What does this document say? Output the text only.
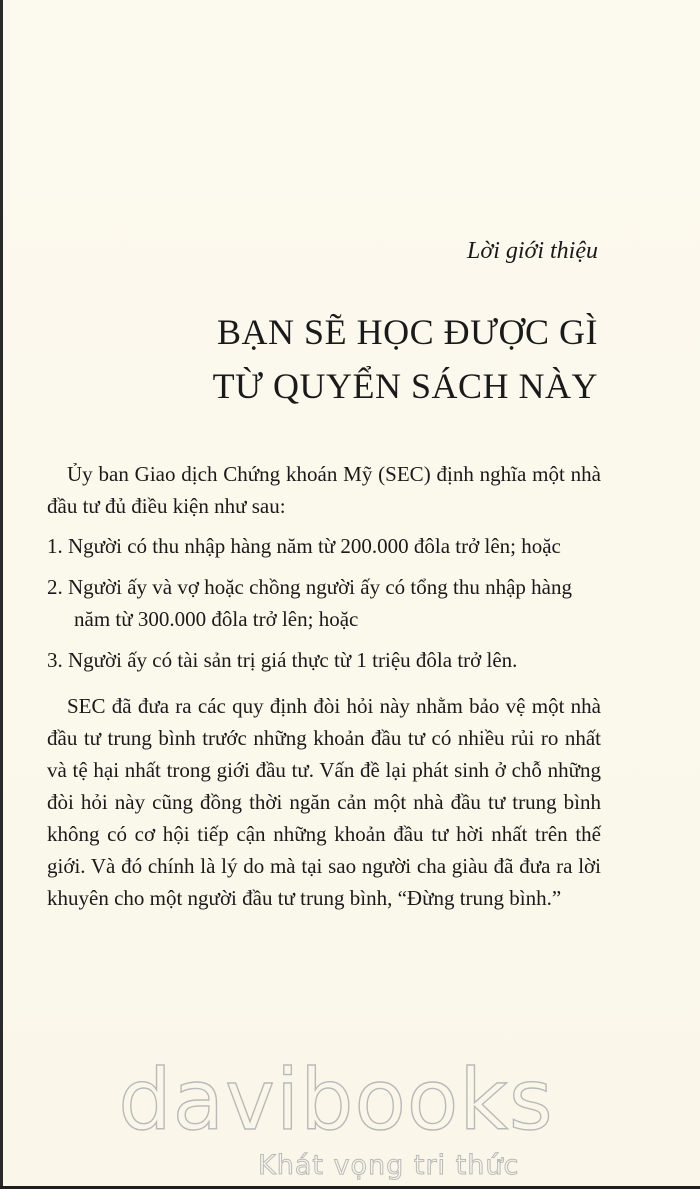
Lời giới thiệu
BẠN SẼ HỌC ĐƯỢC GÌ
TỪ QUYỂN SÁCH NÀY

Ủy ban Giao dịch Chứng khoán Mỹ (SEC) định nghĩa một nhà đầu tư đủ điều kiện như sau:

1. Người có thu nhập hàng năm từ 200.000 đôla trở lên; hoặc
2. Người ấy và vợ hoặc chồng người ấy có tổng thu nhập hàng năm từ 300.000 đôla trở lên; hoặc
3. Người ấy có tài sản trị giá thực từ 1 triệu đôla trở lên.

SEC đã đưa ra các quy định đòi hỏi này nhằm bảo vệ một nhà đầu tư trung bình trước những khoản đầu tư có nhiều rủi ro nhất và tệ hại nhất trong giới đầu tư. Vấn đề lại phát sinh ở chỗ những đòi hỏi này cũng đồng thời ngăn cản một nhà đầu tư trung bình không có cơ hội tiếp cận những khoản đầu tư hời nhất trên thế giới. Và đó chính là lý do mà tại sao người cha giàu đã đưa ra lời khuyên cho một người đầu tư trung bình, “Đừng trung bình.”

davibooks
Khát vọng tri thức
